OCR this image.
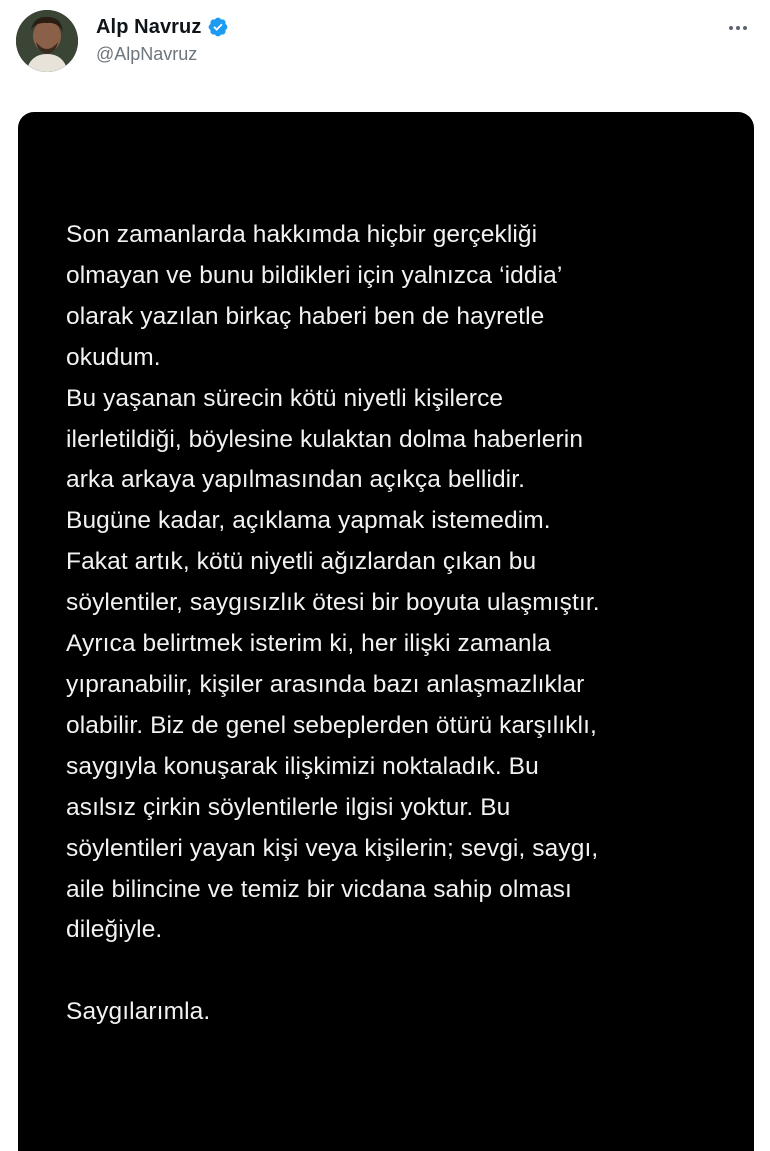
Alp Navruz
@AlpNavruz

Son zamanlarda hakkımda hiçbir gerçekliği
olmayan ve bunu bildikleri için yalnızca ‘iddia’
olarak yazılan birkaç haberi ben de hayretle
okudum.
Bu yaşanan sürecin kötü niyetli kişilerce
ilerletildiği, böylesine kulaktan dolma haberlerin
arka arkaya yapılmasından açıkça bellidir.
Bugüne kadar, açıklama yapmak istemedim.
Fakat artık, kötü niyetli ağızlardan çıkan bu
söylentiler, saygısızlık ötesi bir boyuta ulaşmıştır.
Ayrıca belirtmek isterim ki, her ilişki zamanla
yıpranabilir, kişiler arasında bazı anlaşmazlıklar
olabilir. Biz de genel sebeplerden ötürü karşılıklı,
saygıyla konuşarak ilişkimizi noktaladık. Bu
asılsız çirkin söylentilerle ilgisi yoktur. Bu
söylentileri yayan kişi veya kişilerin; sevgi, saygı,
aile bilincine ve temiz bir vicdana sahip olması
dileğiyle.

Saygılarımla.
